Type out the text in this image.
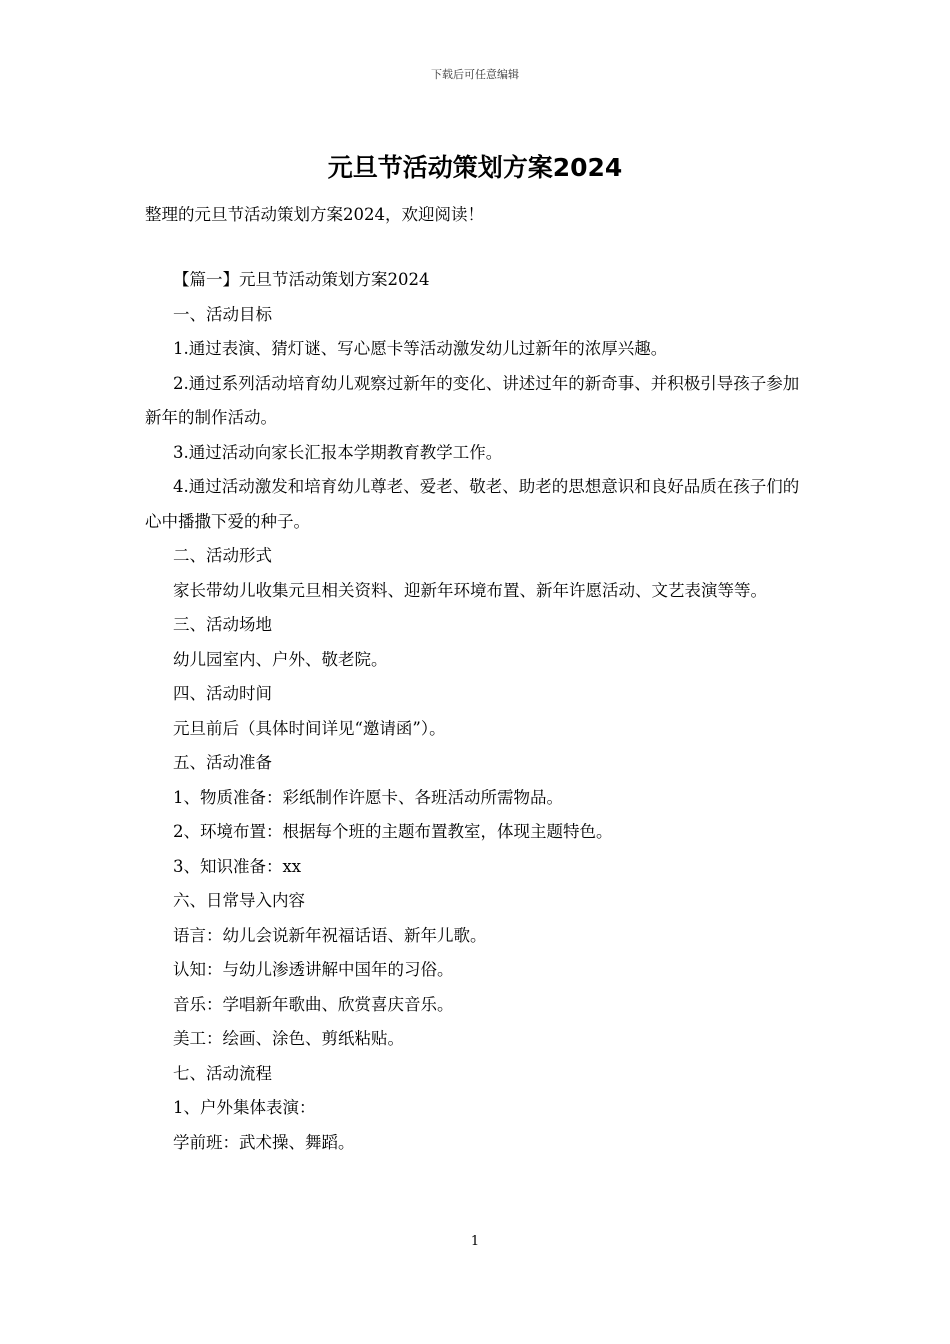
下载后可任意编辑
元旦节活动策划方案2024
整理的元旦节活动策划方案2024，欢迎阅读！

【篇一】元旦节活动策划方案2024

一、活动目标

1.通过表演、猜灯谜、写心愿卡等活动激发幼儿过新年的浓厚兴趣。

2.通过系列活动培育幼儿观察过新年的变化、讲述过年的新奇事、并积极引导孩子参加新年的制作活动。

3.通过活动向家长汇报本学期教育教学工作。

4.通过活动激发和培育幼儿尊老、爱老、敬老、助老的思想意识和良好品质在孩子们的心中播撒下爱的种子。

二、活动形式

家长带幼儿收集元旦相关资料、迎新年环境布置、新年许愿活动、文艺表演等等。

三、活动场地

幼儿园室内、户外、敬老院。

四、活动时间

元旦前后（具体时间详见“邀请函”）。

五、活动准备

1、物质准备：彩纸制作许愿卡、各班活动所需物品。

2、环境布置：根据每个班的主题布置教室，体现主题特色。

3、知识准备：xx

六、日常导入内容

语言：幼儿会说新年祝福话语、新年儿歌。

认知：与幼儿渗透讲解中国年的习俗。

音乐：学唱新年歌曲、欣赏喜庆音乐。

美工：绘画、涂色、剪纸粘贴。

七、活动流程

1、户外集体表演：

学前班：武术操、舞蹈。

1
